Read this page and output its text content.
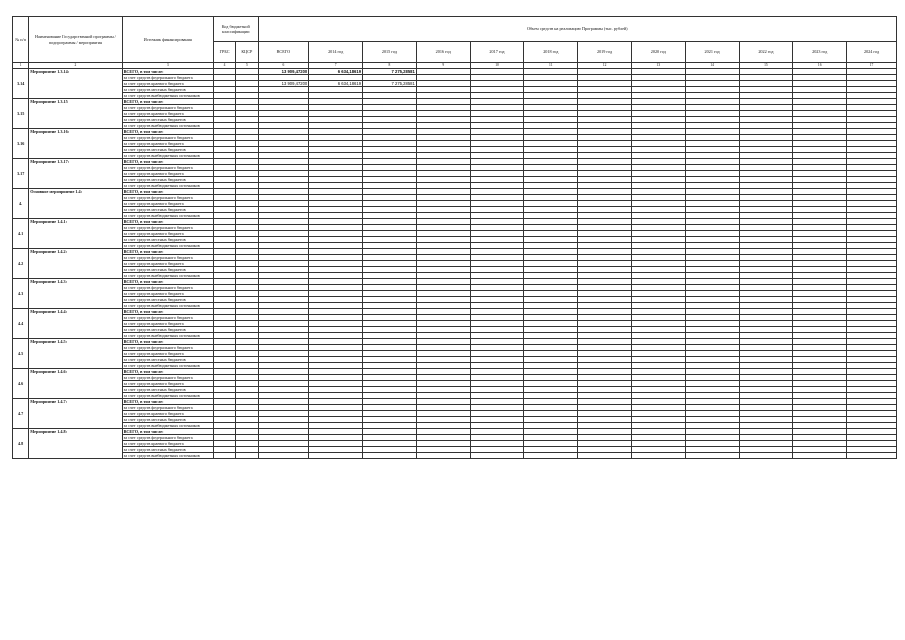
№ п/п	Наименование Государственной программы / подпрограммы / мероприятия	Источник финансирования	Код бюджетной классификации		Объем средств на реализацию Программы (тыс. рублей)											
			ГРБС	КЦСР	ВСЕГО	2014 год	2015 год	2016 год	2017 год	2018 год	2019 год	2020 год	2021 год	2022 год	2023 год	2024 год
1	2	3	4	5	6	7	8	9	10	11	12	13	14	15	16	17
3.14	Мероприятие 1.3.14:	ВСЕГО, в том числе:			13 909,47200	6 634,18619	7 275,28581									
		за счет средств федерального бюджета														
		за счет средств краевого бюджета			13 909,47200	6 634,18619	7 275,28581									
		за счет средств местных бюджетов														
		за счет средств внебюджетных источников														
3.15	Мероприятие 1.3.15	ВСЕГО, в том числе:														
		за счет средств федерального бюджета														
		за счет средств краевого бюджета														
		за счет средств местных бюджетов														
		за счет средств внебюджетных источников														
3.16	Мероприятие 1.3.16:	ВСЕГО, в том числе:														
		за счет средств федерального бюджета														
		за счет средств краевого бюджета														
		за счет средств местных бюджетов														
		за счет средств внебюджетных источников														
3.17	Мероприятие 1.3.17:	ВСЕГО, в том числе:														
		за счет средств федерального бюджета														
		за счет средств краевого бюджета														
		за счет средств местных бюджетов														
		за счет средств внебюджетных источников														
4.	Основное мероприятие 1.4:	ВСЕГО, в том числе:														
		за счет средств федерального бюджета														
		за счет средств краевого бюджета														
		за счет средств местных бюджетов														
		за счет средств внебюджетных источников														
4.1	Мероприятие 1.4.1:	ВСЕГО, в том числе:														
		за счет средств федерального бюджета														
		за счет средств краевого бюджета														
		за счет средств местных бюджетов														
		за счет средств внебюджетных источников														
4.2	Мероприятие 1.4.2:	ВСЕГО, в том числе:														
		за счет средств федерального бюджета														
		за счет средств краевого бюджета														
		за счет средств местных бюджетов														
		за счет средств внебюджетных источников														
4.3	Мероприятие 1.4.3:	ВСЕГО, в том числе:														
		за счет средств федерального бюджета														
		за счет средств краевого бюджета														
		за счет средств местных бюджетов														
		за счет средств внебюджетных источников														
4.4	Мероприятие 1.4.4:	ВСЕГО, в том числе:														
		за счет средств федерального бюджета														
		за счет средств краевого бюджета														
		за счет средств местных бюджетов														
		за счет средств внебюджетных источников														
4.5	Мероприятие 1.4.5:	ВСЕГО, в том числе:														
		за счет средств федерального бюджета														
		за счет средств краевого бюджета														
		за счет средств местных бюджетов														
		за счет средств внебюджетных источников														
4.6	Мероприятие 1.4.6:	ВСЕГО, в том числе:														
		за счет средств федерального бюджета														
		за счет средств краевого бюджета														
		за счет средств местных бюджетов														
		за счет средств внебюджетных источников														
4.7	Мероприятие 1.4.7:	ВСЕГО, в том числе:														
		за счет средств федерального бюджета														
		за счет средств краевого бюджета														
		за счет средств местных бюджетов														
		за счет средств внебюджетных источников														
4.8	Мероприятие 1.4.8:	ВСЕГО, в том числе:														
		за счет средств федерального бюджета														
		за счет средств краевого бюджета														
		за счет средств местных бюджетов														
		за счет средств внебюджетных источников														
